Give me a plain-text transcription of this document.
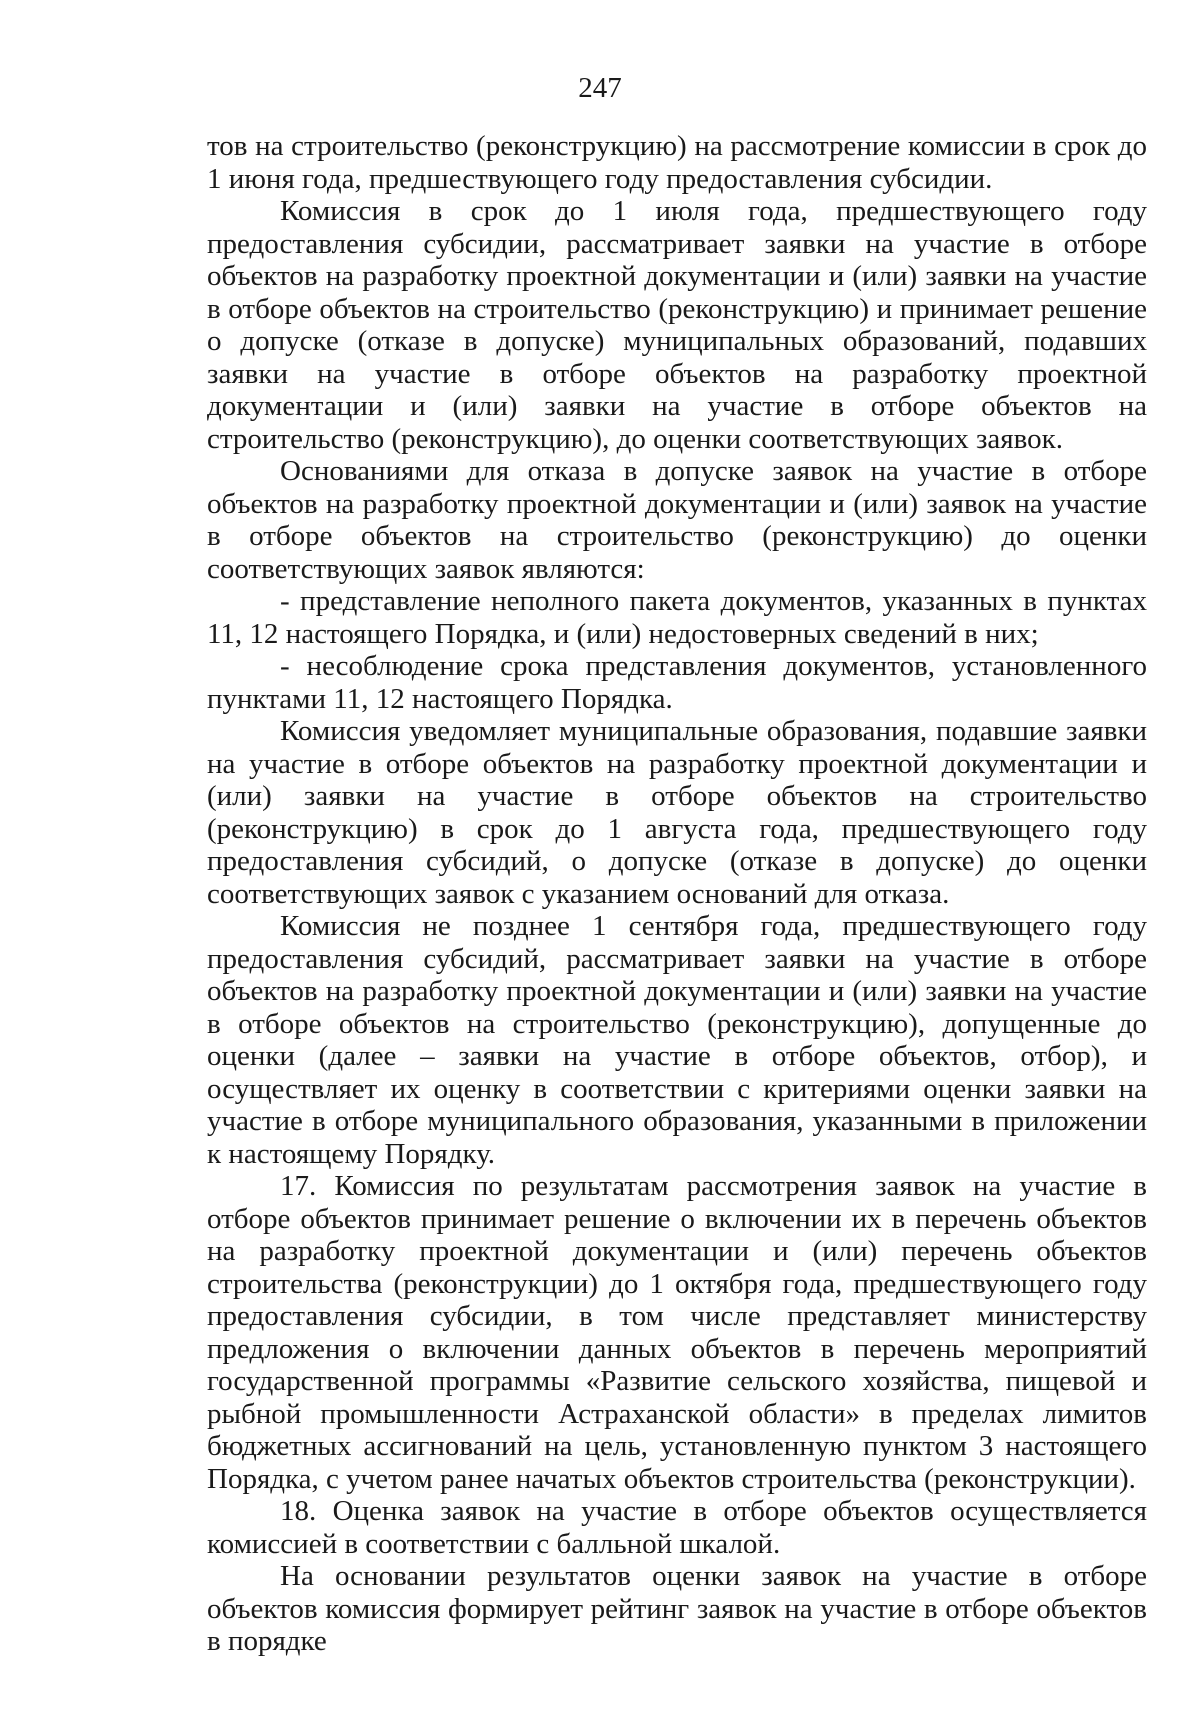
247

тов на строительство (реконструкцию) на рассмотрение комиссии в срок до 1 июня года, предшествующего году предоставления субсидии.

Комиссия в срок до 1 июля года, предшествующего году предоставления субсидии, рассматривает заявки на участие в отборе объектов на разработку проектной документации и (или) заявки на участие в отборе объектов на строительство (реконструкцию) и принимает решение о допуске (отказе в допуске) муниципальных образований, подавших заявки на участие в отборе объектов на разработку проектной документации и (или) заявки на участие в отборе объектов на строительство (реконструкцию), до оценки соответствующих заявок.

Основаниями для отказа в допуске заявок на участие в отборе объектов на разработку проектной документации и (или) заявок на участие в отборе объектов на строительство (реконструкцию) до оценки соответствующих заявок являются:

- представление неполного пакета документов, указанных в пунктах 11, 12 настоящего Порядка, и (или) недостоверных сведений в них;

- несоблюдение срока представления документов, установленного пунктами 11, 12 настоящего Порядка.

Комиссия уведомляет муниципальные образования, подавшие заявки на участие в отборе объектов на разработку проектной документации и (или) заявки на участие в отборе объектов на строительство (реконструкцию) в срок до 1 августа года, предшествующего году предоставления субсидий, о допуске (отказе в допуске) до оценки соответствующих заявок с указанием оснований для отказа.

Комиссия не позднее 1 сентября года, предшествующего году предоставления субсидий, рассматривает заявки на участие в отборе объектов на разработку проектной документации и (или) заявки на участие в отборе объектов на строительство (реконструкцию), допущенные до оценки (далее – заявки на участие в отборе объектов, отбор), и осуществляет их оценку в соответствии с критериями оценки заявки на участие в отборе муниципального образования, указанными в приложении к настоящему Порядку.

17. Комиссия по результатам рассмотрения заявок на участие в отборе объектов принимает решение о включении их в перечень объектов на разработку проектной документации и (или) перечень объектов строительства (реконструкции) до 1 октября года, предшествующего году предоставления субсидии, в том числе представляет министерству предложения о включении данных объектов в перечень мероприятий государственной программы «Развитие сельского хозяйства, пищевой и рыбной промышленности Астраханской области» в пределах лимитов бюджетных ассигнований на цель, установленную пунктом 3 настоящего Порядка, с учетом ранее начатых объектов строительства (реконструкции).

18. Оценка заявок на участие в отборе объектов осуществляется комиссией в соответствии с балльной шкалой.

На основании результатов оценки заявок на участие в отборе объектов комиссия формирует рейтинг заявок на участие в отборе объектов в порядке
